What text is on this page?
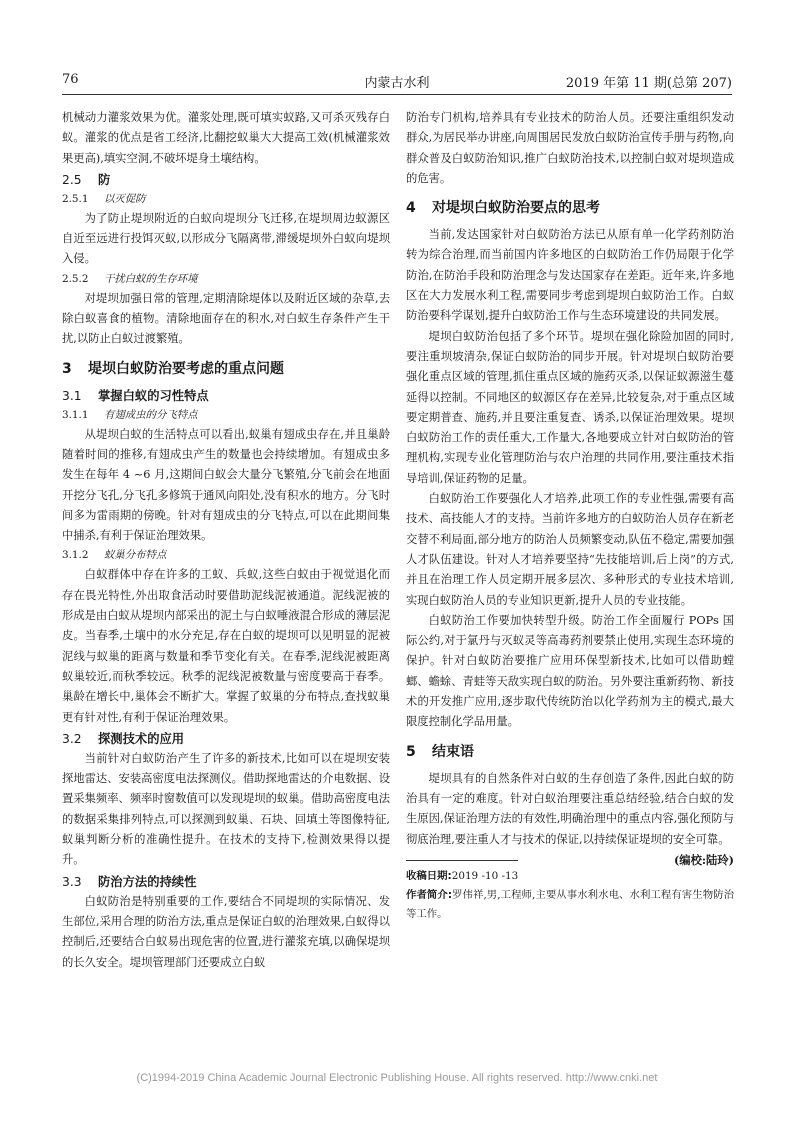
76	内蒙古水利	2019 年第 11 期(总第 207)

机械动力灌浆效果为优。灌浆处理,既可填实蚁路,又可杀灭残存白蚁。灌浆的优点是省工经济,比翻挖蚁巢大大提高工效(机械灌浆效果更高),填实空洞,不破坏堤身土壤结构。

2.5 防
2.5.1 以灭促防

为了防止堤坝附近的白蚁向堤坝分飞迁移,在堤坝周边蚁源区自近至远进行投饵灭蚁,以形成分飞隔离带,滞缓堤坝外白蚁向堤坝入侵。

2.5.2 干扰白蚁的生存环境

对堤坝加强日常的管理,定期清除堤体以及附近区域的杂草,去除白蚁喜食的植物。清除地面存在的积水,对白蚁生存条件产生干扰,以防止白蚁过渡繁殖。

3 堤坝白蚁防治要考虑的重点问题
3.1 掌握白蚁的习性特点
3.1.1 有翅成虫的分飞特点

从堤坝白蚁的生活特点可以看出,蚁巢有翅成虫存在,并且巢龄随着时间的推移,有翅成虫产生的数量也会持续增加。有翅成虫多发生在每年 4 ~6 月,这期间白蚁会大量分飞繁殖,分飞前会在地面开挖分飞孔,分飞孔多修筑于通风向阳处,没有积水的地方。分飞时间多为雷雨期的傍晚。针对有翅成虫的分飞特点,可以在此期间集中捕杀,有利于保证治理效果。

3.1.2 蚁巢分布特点

白蚁群体中存在许多的工蚁、兵蚁,这些白蚁由于视觉退化而存在畏光特性,外出取食活动时要借助泥线泥被通道。泥线泥被的形成是由白蚁从堤坝内部采出的泥土与白蚁唾液混合形成的薄层泥皮。当春季,土壤中的水分充足,存在白蚁的堤坝可以见明显的泥被泥线与蚁巢的距离与数量和季节变化有关。在春季,泥线泥被距离蚁巢较近,而秋季较远。秋季的泥线泥被数量与密度要高于春季。巢龄在增长中,巢体会不断扩大。掌握了蚁巢的分布特点,查找蚁巢更有针对性,有利于保证治理效果。

3.2 探测技术的应用

当前针对白蚁防治产生了许多的新技术,比如可以在堤坝安装探地雷达、安装高密度电法探测仪。借助探地雷达的介电数据、设置采集频率、频率时窗数值可以发现堤坝的蚁巢。借助高密度电法的数据采集排列特点,可以探测到蚁巢、石块、回填土等图像特征,蚁巢判断分析的准确性提升。在技术的支持下,检测效果得以提升。

3.3 防治方法的持续性

白蚁防治是特别重要的工作,要结合不同堤坝的实际情况、发生部位,采用合理的防治方法,重点是保证白蚁的治理效果,白蚁得以控制后,还要结合白蚁易出现危害的位置,进行灌浆充填,以确保堤坝的长久安全。堤坝管理部门还要成立白蚁

防治专门机构,培养具有专业技术的防治人员。还要注重组织发动群众,为居民举办讲座,向周围居民发放白蚁防治宣传手册与药物,向群众普及白蚁防治知识,推广白蚁防治技术,以控制白蚁对堤坝造成的危害。

4 对堤坝白蚁防治要点的思考

当前,发达国家针对白蚁防治方法已从原有单一化学药剂防治转为综合治理,而当前国内许多地区的白蚁防治工作仍局限于化学防治,在防治手段和防治理念与发达国家存在差距。近年来,许多地区在大力发展水利工程,需要同步考虑到堤坝白蚁防治工作。白蚁防治要科学谋划,提升白蚁防治工作与生态环境建设的共同发展。

堤坝白蚁防治包括了多个环节。堤坝在强化除险加固的同时,要注重坝坡清杂,保证白蚁防治的同步开展。针对堤坝白蚁防治要强化重点区域的管理,抓住重点区域的施药灭杀,以保证蚁源滋生蔓延得以控制。不同地区的蚁源区存在差异,比较复杂,对于重点区域要定期普查、施药,并且要注重复查、诱杀,以保证治理效果。堤坝白蚁防治工作的责任重大,工作量大,各地要成立针对白蚁防治的管理机构,实现专业化管理防治与农户治理的共同作用,要注重技术指导培训,保证药物的足量。

白蚁防治工作要强化人才培养,此项工作的专业性强,需要有高技术、高技能人才的支持。当前许多地方的白蚁防治人员存在新老交替不利局面,部分地方的防治人员频繁变动,队伍不稳定,需要加强人才队伍建设。针对人才培养要坚持“先技能培训,后上岗”的方式,并且在治理工作人员定期开展多层次、多种形式的专业技术培训,实现白蚁防治人员的专业知识更新,提升人员的专业技能。

白蚁防治工作要加快转型升级。防治工作全面履行 POPs 国际公约,对于氯丹与灭蚁灵等高毒药剂要禁止使用,实现生态环境的保护。针对白蚁防治要推广应用环保型新技术,比如可以借助螳螂、蟾蜍、青蛙等天敌实现白蚁的防治。另外要注重新药物、新技术的开发推广应用,逐步取代传统防治以化学药剂为主的模式,最大限度控制化学品用量。

5 结束语

堤坝具有的自然条件对白蚁的生存创造了条件,因此白蚁的防治具有一定的难度。针对白蚁治理要注重总结经验,结合白蚁的发生原因,保证治理方法的有效性,明确治理中的重点内容,强化预防与彻底治理,要注重人才与技术的保证,以持续保证堤坝的安全可靠。
(编校:陆玲)

收稿日期:2019 -10 -13

作者简介:罗伟祥,男,工程师,主要从事水利水电、水利工程有害生物防治等工作。

(C)1994-2019 China Academic Journal Electronic Publishing House. All rights reserved. http://www.cnki.net
